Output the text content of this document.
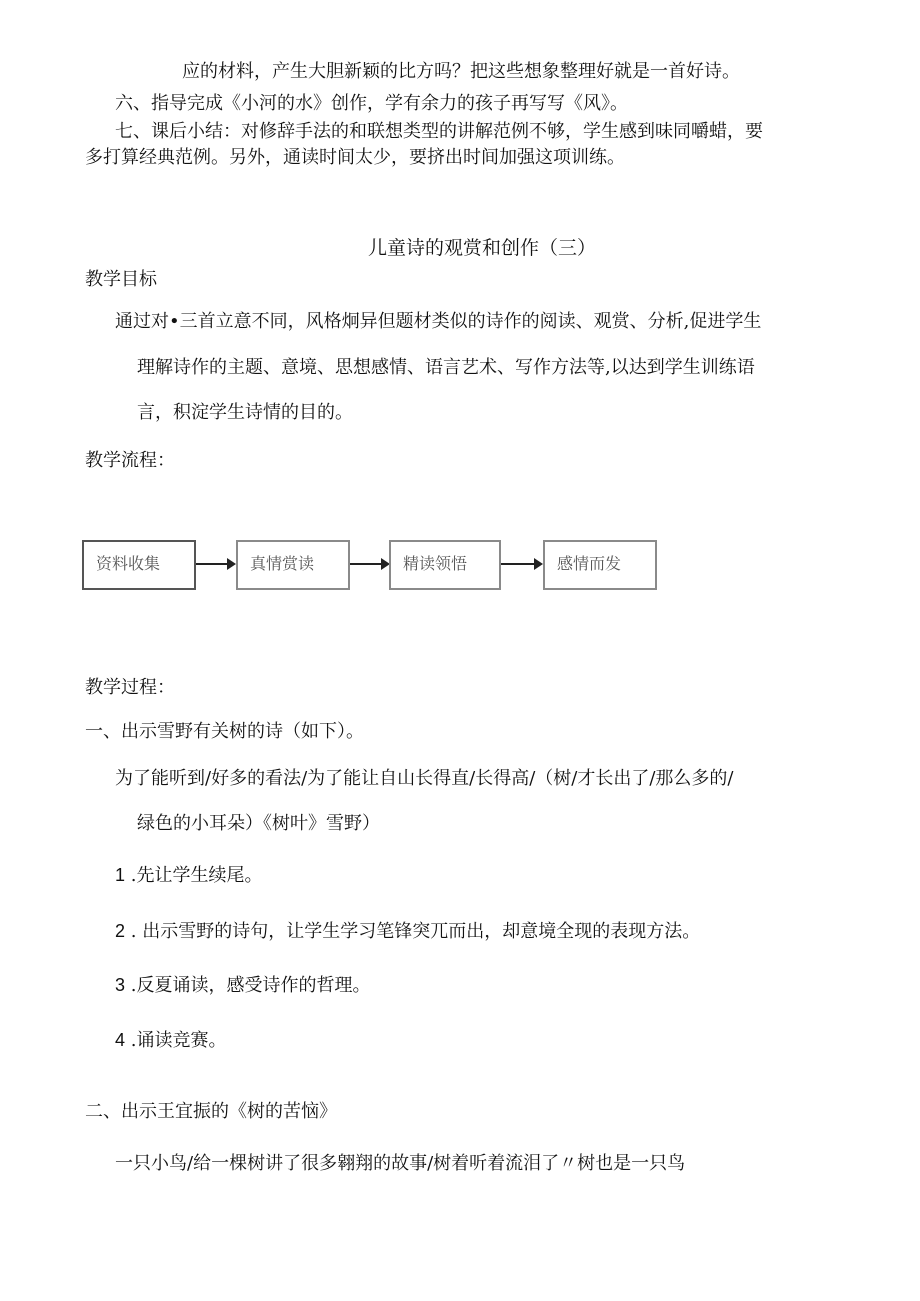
应的材料，产生大胆新颖的比方吗？把这些想象整理好就是一首好诗。
六、指导完成《小河的水》创作，学有余力的孩子再写写《风》。
七、课后小结：对修辞手法的和联想类型的讲解范例不够，学生感到味同嚼蜡，要
多打算经典范例。另外，通读时间太少，要挤出时间加强这项训练。
儿童诗的观赏和创作（三）
教学目标
通过对•三首立意不同，风格炯异但题材类似的诗作的阅读、观赏、分析,促进学生
理解诗作的主题、意境、思想感情、语言艺术、写作方法等,以达到学生训练语
言，积淀学生诗情的目的。
教学流程：
资料收集	真情赏读	精读领悟	感情而发
教学过程：
一、出示雪野有关树的诗（如下）。
为了能听到/好多的看法/为了能让自山长得直/长得高/（树/才长出了/那么多的/
绿色的小耳朵）《树叶》雪野）
1 .先让学生续尾。
2 . 出示雪野的诗句，让学生学习笔锋突兀而出，却意境全现的表现方法。
3 .反夏诵读，感受诗作的哲理。
4 .诵读竞赛。
二、出示王宜振的《树的苦恼》
一只小鸟/给一棵树讲了很多翱翔的故事/树着听着流泪了〃树也是一只鸟
